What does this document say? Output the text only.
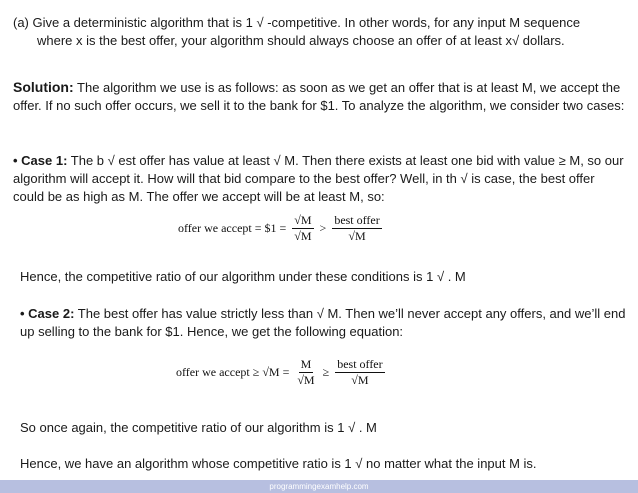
(a) Give a deterministic algorithm that is 1 √ -competitive. In other words, for any input M sequence
where x is the best offer, your algorithm should always choose an offer of at least x√ dollars.

Solution: The algorithm we use is as follows: as soon as we get an offer that is at least M, we accept the offer. If no such offer occurs, we sell it to the bank for $1. To analyze the algorithm, we consider two cases:

• Case 1: The b √ est offer has value at least √ M. Then there exists at least one bid with value ≥ M, so our algorithm will accept it. How will that bid compare to the best offer? Well, in th √ is case, the best offer could be as high as M. The offer we accept will be at least M, so:

offer we accept = $1 = $\frac{√M}{√M} > \frac{\text{best offer}}{√M}$

Hence, the competitive ratio of our algorithm under these conditions is 1 √ . M

• Case 2: The best offer has value strictly less than √ M. Then we’ll never accept any offers, and we’ll end up selling to the bank for $1. Hence, we get the following equation:

offer we accept ≥ $√M = \frac{M}{√M} \ge \frac{\text{best offer}}{√M}$

So once again, the competitive ratio of our algorithm is 1 √ . M

Hence, we have an algorithm whose competitive ratio is 1 √ no matter what the input M is.

programmingexamhelp.com
